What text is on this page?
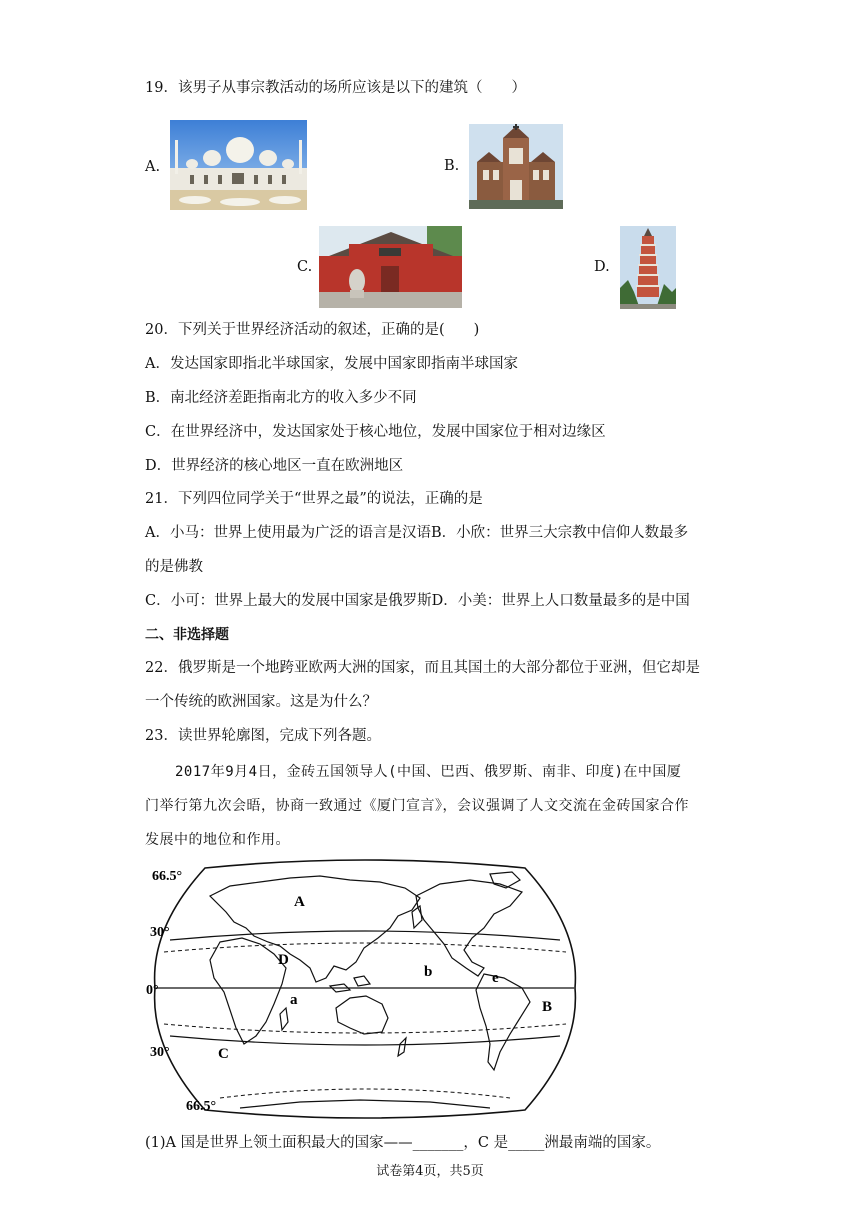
19．该男子从事宗教活动的场所应该是以下的建筑（　　）
A.	B.
C.	D.
20．下列关于世界经济活动的叙述，正确的是(　　)
A．发达国家即指北半球国家，发展中国家即指南半球国家
B．南北经济差距指南北方的收入多少不同
C．在世界经济中，发达国家处于核心地位，发展中国家位于相对边缘区
D．世界经济的核心地区一直在欧洲地区
21．下列四位同学关于“世界之最”的说法，正确的是
A．小马：世界上使用最为广泛的语言是汉语B．小欣：世界三大宗教中信仰人数最多
的是佛教
C．小可：世界上最大的发展中国家是俄罗斯D．小美：世界上人口数量最多的是中国
二、非选择题
22．俄罗斯是一个地跨亚欧两大洲的国家，而且其国土的大部分都位于亚洲，但它却是
一个传统的欧洲国家。这是为什么？
23．读世界轮廓图，完成下列各题。
2017年9月4日，金砖五国领导人(中国、巴西、俄罗斯、南非、印度)在中国厦
门举行第九次会晤，协商一致通过《厦门宣言》，会议强调了人文交流在金砖国家合作
发展中的地位和作用。
66.5°
30°
0°
30°
66.5°
A
B
C
D
a
b	e
(1)A 国是世界上领土面积最大的国家——_______，C 是_____洲最南端的国家。
试卷第4页，共5页
